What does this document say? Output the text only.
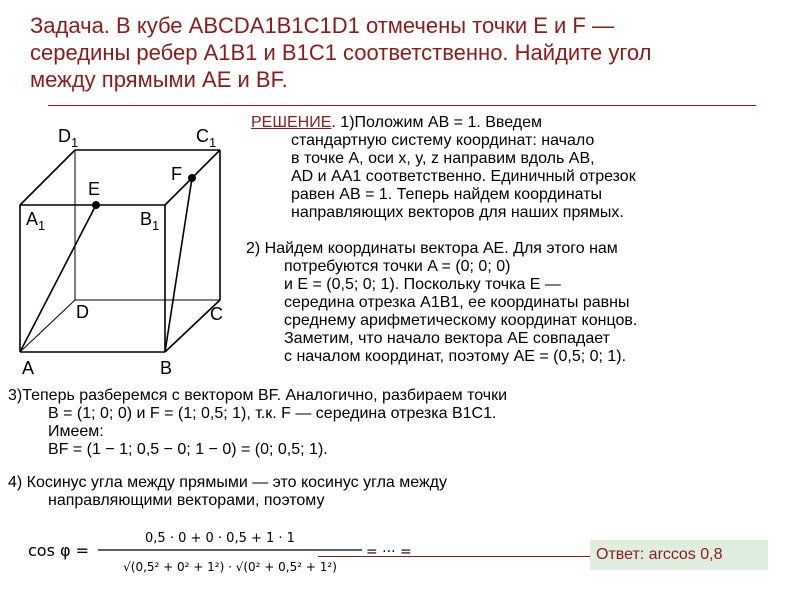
Задача. В кубе ABCDA1B1C1D1 отмечены точки E и F —
середины ребер A1B1 и B1C1 соответственно. Найдите угол
между прямыми AE и BF.
$D_1$	$C_1$
E
F
$A_1$	$B_1$
D	C
A	B
РЕШЕНИЕ. 1)Положим AB = 1. Введем
стандартную систему координат: начало
в точке A, оси x, y, z направим вдоль AB,
AD и AA1 соответственно. Единичный отрезок
равен AB = 1. Теперь найдем координаты
направляющих векторов для наших прямых.
2) Найдем координаты вектора AE. Для этого нам
потребуются точки A = (0; 0; 0)
и E = (0,5; 0; 1). Поскольку точка E —
середина отрезка A1B1, ее координаты равны
среднему арифметическому координат концов.
Заметим, что начало вектора AE совпадает
с началом координат, поэтому AE = (0,5; 0; 1).
3)Теперь разберемся с вектором BF. Аналогично, разбираем точки
B = (1; 0; 0) и F = (1; 0,5; 1), т.к. F — середина отрезка B1C1.
Имеем:
BF = (1 − 1; 0,5 − 0; 1 − 0) = (0; 0,5; 1).
4) Косинус угла между прямыми — это косинус угла между
направляющими векторами, поэтому
cos φ =
0,5 · 0 + 0 · 0,5 + 1 · 1
√(0,5² + 0² + 1²) · √(0² + 0,5² + 1²)
= ··· =	Ответ: arccos 0,8
